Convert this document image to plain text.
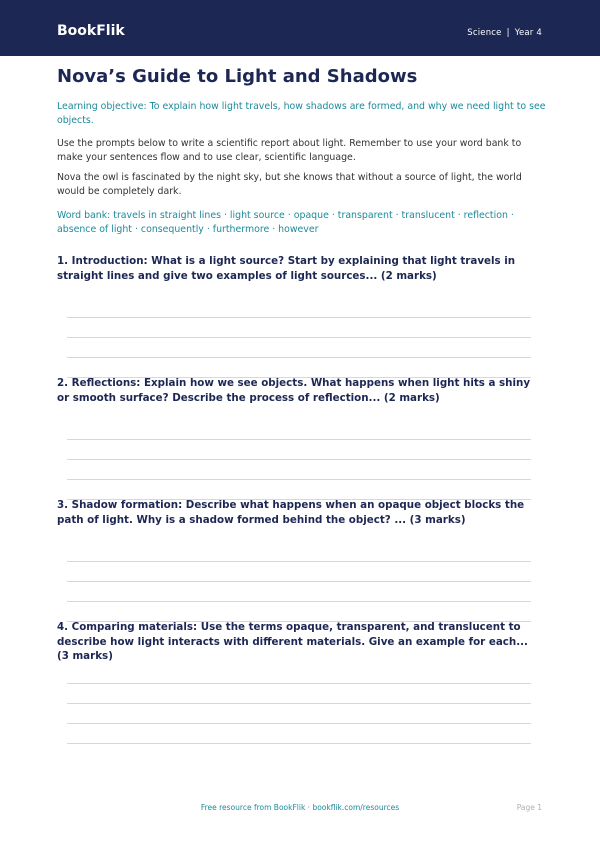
BookFlik	Science | Year 4
Nova’s Guide to Light and Shadows

Learning objective: To explain how light travels, how shadows are formed, and why we need light to see objects.

Use the prompts below to write a scientific report about light. Remember to use your word bank to make your sentences flow and to use clear, scientific language.

Nova the owl is fascinated by the night sky, but she knows that without a source of light, the world would be completely dark.

Word bank: travels in straight lines · light source · opaque · transparent · translucent · reflection · absence of light · consequently · furthermore · however

1. Introduction: What is a light source? Start by explaining that light travels in straight lines and give two examples of light sources... (2 marks)

2. Reflections: Explain how we see objects. What happens when light hits a shiny or smooth surface? Describe the process of reflection... (2 marks)

3. Shadow formation: Describe what happens when an opaque object blocks the path of light. Why is a shadow formed behind the object? ... (3 marks)

4. Comparing materials: Use the terms opaque, transparent, and translucent to describe how light interacts with different materials. Give an example for each... (3 marks)

Free resource from BookFlik · bookflik.com/resources	Page 1
